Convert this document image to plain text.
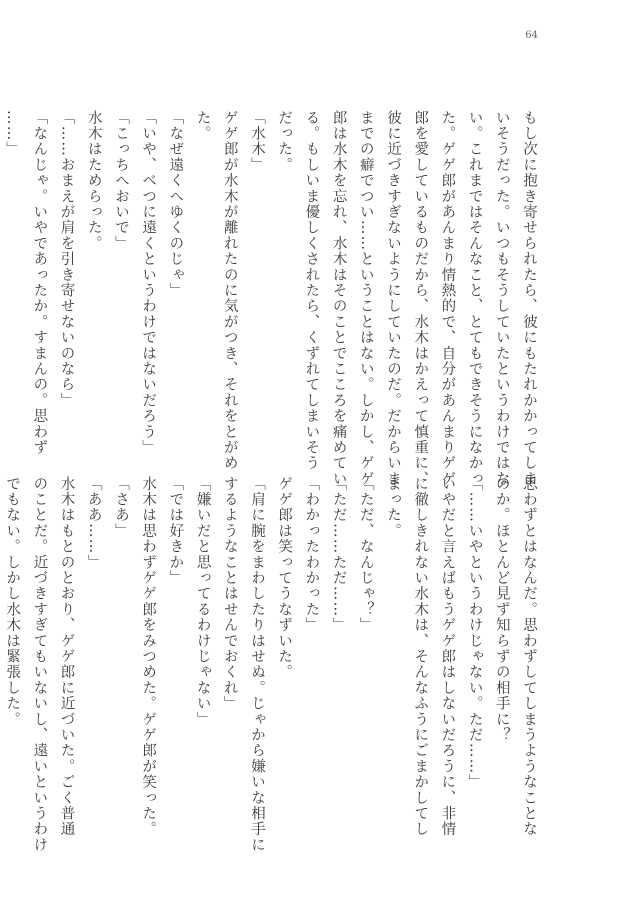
64
もし次に抱き寄せられたら、彼にもたれかかってしま
いそうだった。いつもそうしていたというわけではな
い。これまではそんなこと、とてもできそうになかっ
た。ゲゲ郎があんまり情熱的で、自分があんまりゲゲ
郎を愛しているものだから、水木はかえって慎重に、
彼に近づきすぎないようにしていたのだ。だからいま
までの癖でつい……ということはない。しかし、ゲゲ
郎は水木を忘れ、水木はそのことでこころを痛めてい
る。もしいま優しくされたら、くずれてしまいそう
だった。
「水木」
ゲゲ郎が水木が離れたのに気がつき、それをとがめ
た。
「なぜ遠くへゆくのじゃ」
「いや、べつに遠くというわけではないだろう」
「こっちへおいで」
水木はためらった。
「……おまえが肩を引き寄せないのなら」
「なんじゃ。いやであったか。すまんの。思わず
……」
思わずとはなんだ。思わずしてしまうようなことな
のか。ほとんど見ず知らずの相手に？
「……いやというわけじゃない。ただ……」
いやだと言えばもうゲゲ郎はしないだろうに、非情
に徹しきれない水木は、そんなふうにごまかしてし
まった。
「ただ、なんじゃ？」
「ただ……ただ……」
「わかったわかった」
ゲゲ郎は笑ってうなずいた。
「肩に腕をまわしたりはせぬ。じゃから嫌いな相手に
するようなことはせんでおくれ」
「嫌いだと思ってるわけじゃない」
「では好きか」
水木は思わずゲゲ郎をみつめた。ゲゲ郎が笑った。
「さあ」
「ああ……」
水木はもとのとおり、ゲゲ郎に近づいた。ごく普通
のことだ。近づきすぎてもいないし、遠いというわけ
でもない。しかし水木は緊張した。
